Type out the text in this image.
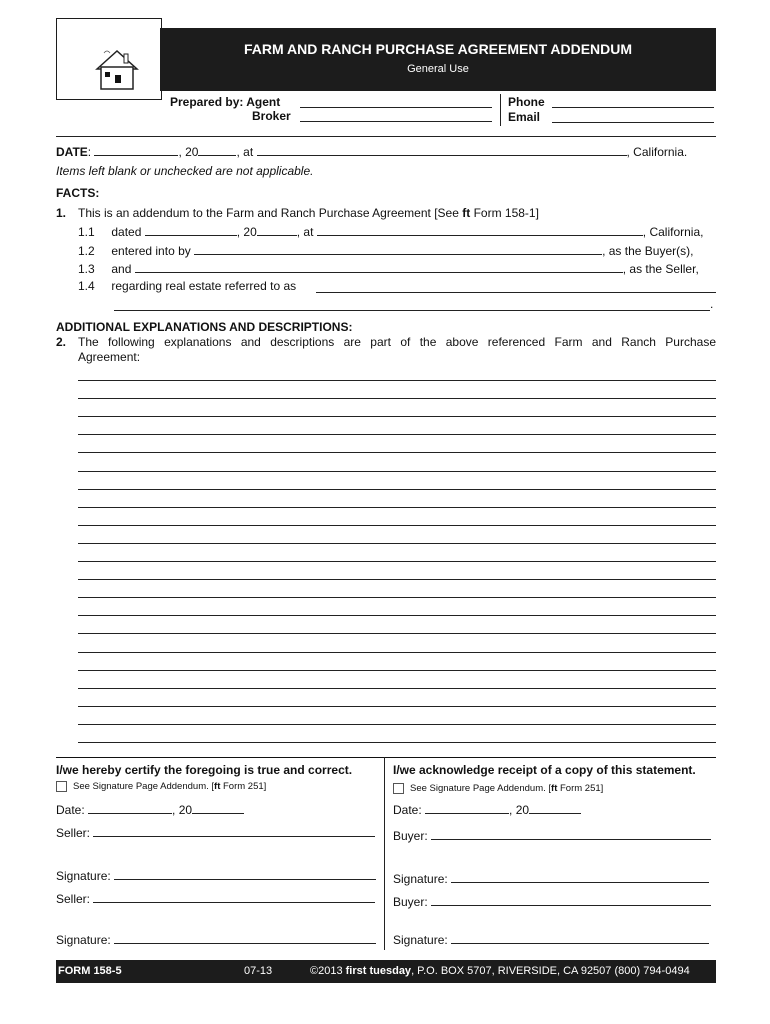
FARM AND RANCH PURCHASE AGREEMENT ADDENDUM
General Use
Prepared by: Agent
Broker
Phone
Email
DATE:	, 20	, at	, California.
Items left blank or unchecked are not applicable.
FACTS:
1. This is an addendum to the Farm and Ranch Purchase Agreement [See ft Form 158-1]
1.1 dated	, 20	, at	, California,
1.2 entered into by	, as the Buyer(s),
1.3 and	, as the Seller,
1.4 regarding real estate referred to as
.
ADDITIONAL EXPLANATIONS AND DESCRIPTIONS:
2. The following explanations and descriptions are part of the above referenced Farm and Ranch Purchase
Agreement:
I/we hereby certify the foregoing is true and correct.
See Signature Page Addendum. [ft Form 251]
Date:	, 20
Seller:
Signature:
Seller:
Signature:
I/we acknowledge receipt of a copy of this statement.
See Signature Page Addendum. [ft Form 251]
Date:	, 20
Buyer:
Signature:
Buyer:
Signature:
FORM 158-5	07-13	©2013 first tuesday, P.O. BOX 5707, RIVERSIDE, CA 92507 (800) 794-0494
